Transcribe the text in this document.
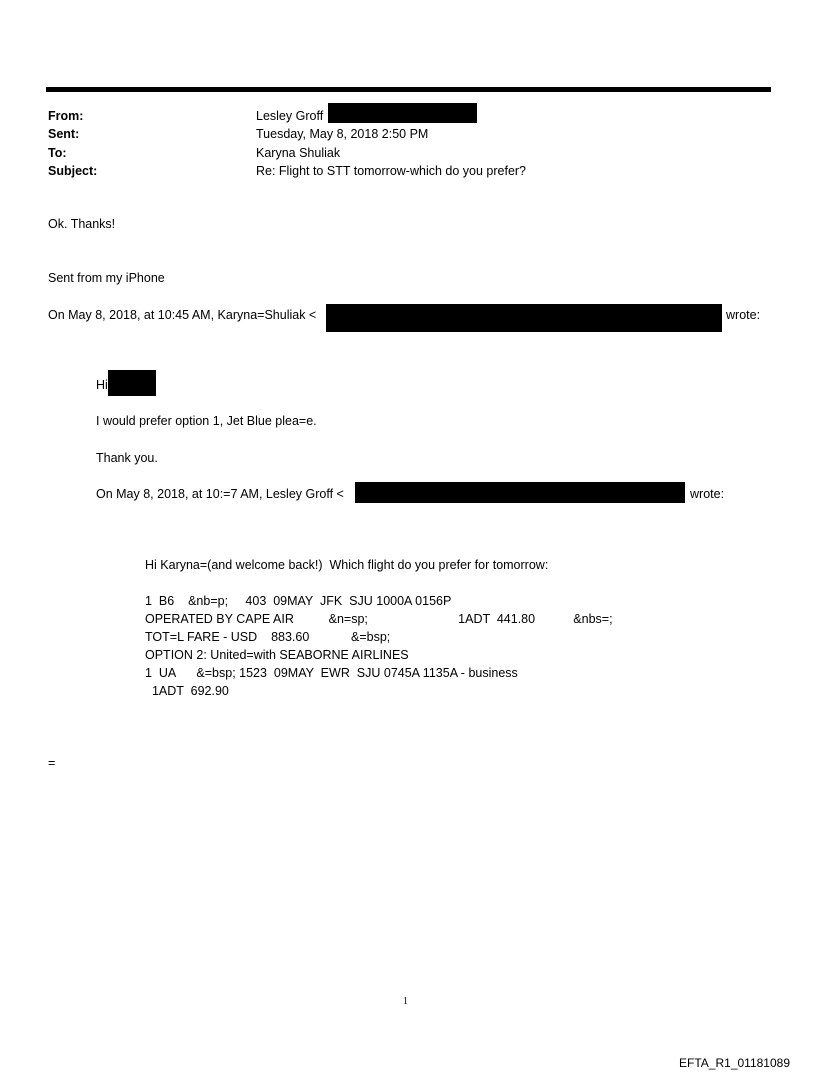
From:	Lesley Groff
Sent:	Tuesday, May 8, 2018 2:50 PM
To:	Karyna Shuliak
Subject:	Re: Flight to STT tomorrow-which do you prefer?
Ok. Thanks!
Sent from my iPhone
On May 8, 2018, at 10:45 AM, Karyna=Shuliak <	wrote:
Hi
I would prefer option 1, Jet Blue plea=e.
Thank you.
On May 8, 2018, at 10:=7 AM, Lesley Groff <	wrote:
Hi Karyna=(and welcome back!)  Which flight do you prefer for tomorrow:
1  B6    &nb=p;     403  09MAY  JFK  SJU 1000A 0156P
OPERATED BY CAPE AIR          &n=sp;                          1ADT  441.80           &nbs=;
TOT=L FARE - USD    883.60            &=bsp;
OPTION 2: United=with SEABORNE AIRLINES
1  UA      &=bsp; 1523  09MAY  EWR  SJU 0745A 1135A - business
1ADT  692.90
=
1
EFTA_R1_01181089
